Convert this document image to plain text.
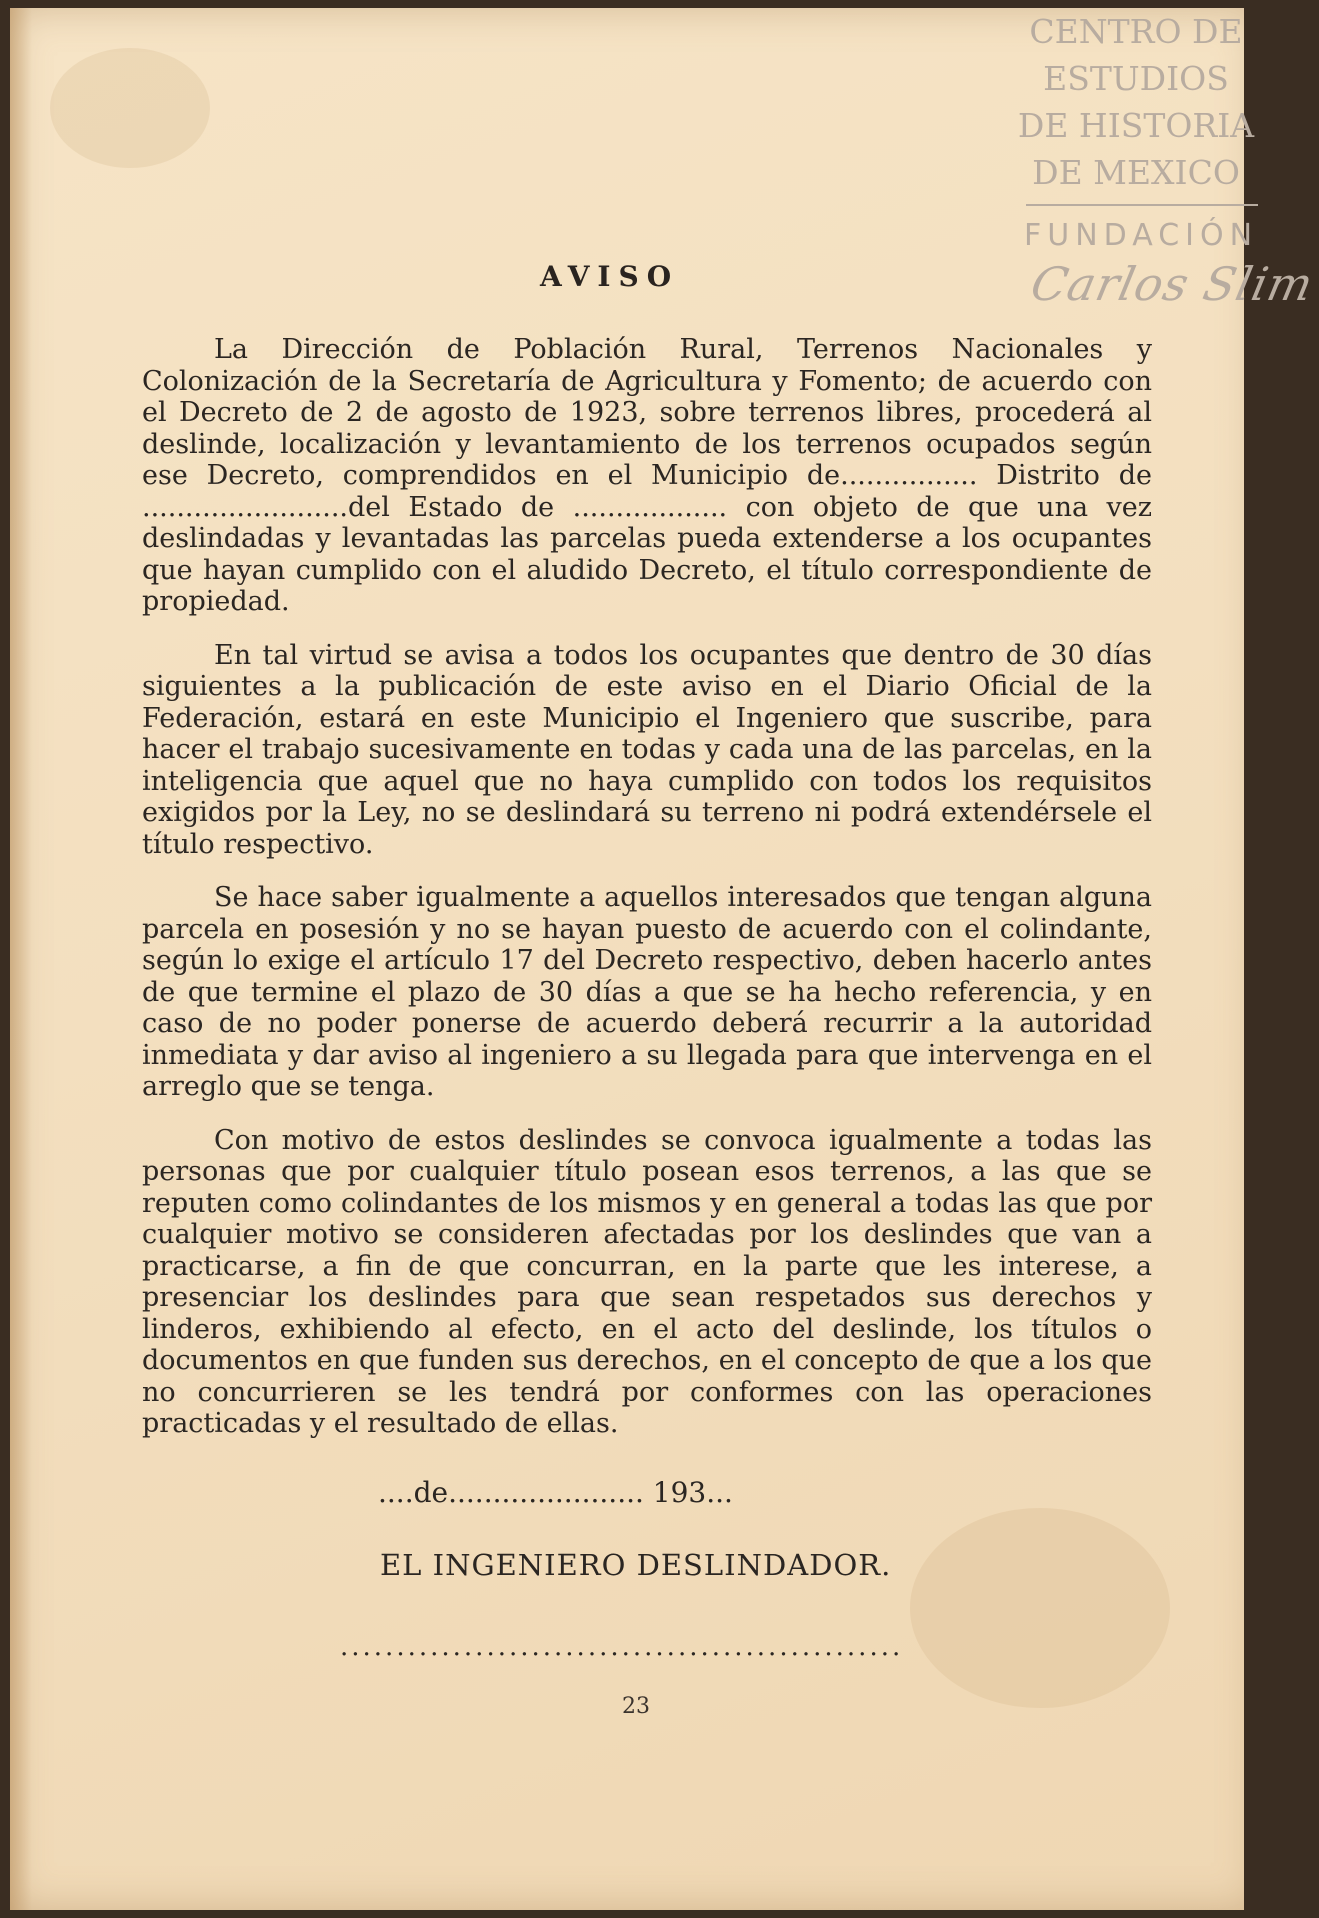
CENTRO DE
ESTUDIOS
DE HISTORIA
DE MEXICO
FUNDACIÓN
Carlos Slim
AVISO

La Dirección de Población Rural, Terrenos Nacionales y Colonización de la Secretaría de Agricultura y Fomento; de acuerdo con el Decreto de 2 de agosto de 1923, sobre terrenos libres, procederá al deslinde, localización y levantamiento de los terrenos ocupados según ese Decreto, comprendidos en el Municipio de................ Distrito de ........................del Estado de .................. con objeto de que una vez deslindadas y levantadas las parcelas pueda extenderse a los ocupantes que hayan cumplido con el aludido Decreto, el título correspondiente de propiedad.

En tal virtud se avisa a todos los ocupantes que dentro de 30 días siguientes a la publicación de este aviso en el Diario Oficial de la Federación, estará en este Municipio el Ingeniero que suscribe, para hacer el trabajo sucesivamente en todas y cada una de las parcelas, en la inteligencia que aquel que no haya cumplido con todos los requisitos exigidos por la Ley, no se deslindará su terreno ni podrá extendérsele el título respectivo.

Se hace saber igualmente a aquellos interesados que tengan alguna parcela en posesión y no se hayan puesto de acuerdo con el colindante, según lo exige el artículo 17 del Decreto respectivo, deben hacerlo antes de que termine el plazo de 30 días a que se ha hecho referencia, y en caso de no poder ponerse de acuerdo deberá recurrir a la autoridad inmediata y dar aviso al ingeniero a su llegada para que intervenga en el arreglo que se tenga.

Con motivo de estos deslindes se convoca igualmente a todas las personas que por cualquier título posean esos terrenos, a las que se reputen como colindantes de los mismos y en general a todas las que por cualquier motivo se consideren afectadas por los deslindes que van a practicarse, a fin de que concurran, en la parte que les interese, a presenciar los deslindes para que sean respetados sus derechos y linderos, exhibiendo al efecto, en el acto del deslinde, los títulos o documentos en que funden sus derechos, en el concepto de que a los que no concurrieren se les tendrá por conformes con las operaciones practicadas y el resultado de ellas.

....de...................... 193...
EL INGENIERO DESLINDADOR.
..................................................
23
